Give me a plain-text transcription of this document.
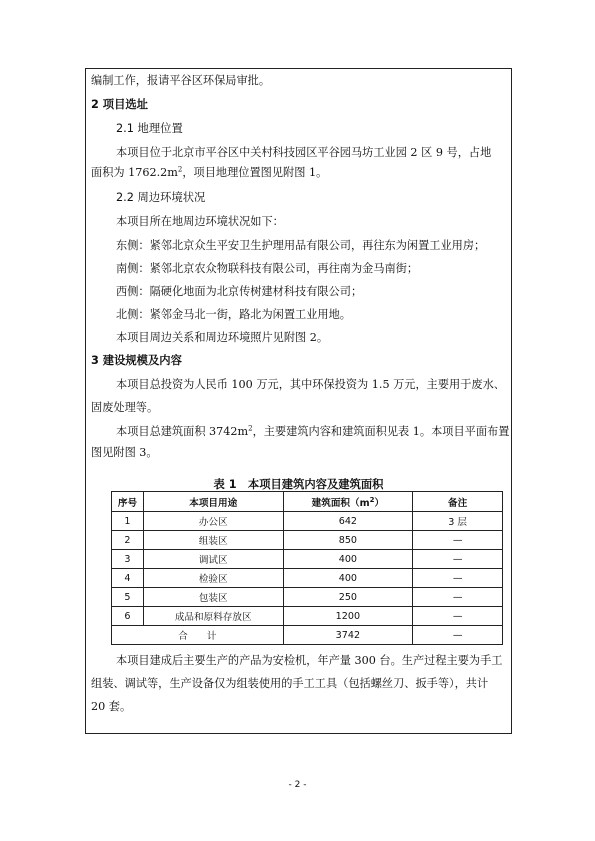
编制工作，报请平谷区环保局审批。
2 项目选址
2.1 地理位置
本项目位于北京市平谷区中关村科技园区平谷园马坊工业园 2 区 9 号，占地
面积为 $1762.2m^2$，项目地理位置图见附图 1。
2.2 周边环境状况
本项目所在地周边环境状况如下：
东侧：紧邻北京众生平安卫生护理用品有限公司，再往东为闲置工业用房；
南侧：紧邻北京农众物联科技有限公司，再往南为金马南街；
西侧：隔硬化地面为北京传树建材科技有限公司；
北侧：紧邻金马北一街，路北为闲置工业用地。
本项目周边关系和周边环境照片见附图 2。
3 建设规模及内容
本项目总投资为人民币 100 万元，其中环保投资为 1.5 万元，主要用于废水、
固废处理等。
本项目总建筑面积 $3742m^2$，主要建筑内容和建筑面积见表 1。本项目平面布置
图见附图 3。
表 1　本项目建筑内容及建筑面积
序号	本项目用途	建筑面积$(m^2)$	备注
1	办公区	642	3 层
2	组装区	850	—
3	调试区	400	—
4	检验区	400	—
5	包装区	250	—
6	成品和原料存放区	1200	—
合　　计		3742	—
本项目建成后主要生产的产品为安检机，年产量 300 台。生产过程主要为手工
组装、调试等，生产设备仅为组装使用的手工工具（包括螺丝刀、扳手等），共计
20 套。
- 2 -
